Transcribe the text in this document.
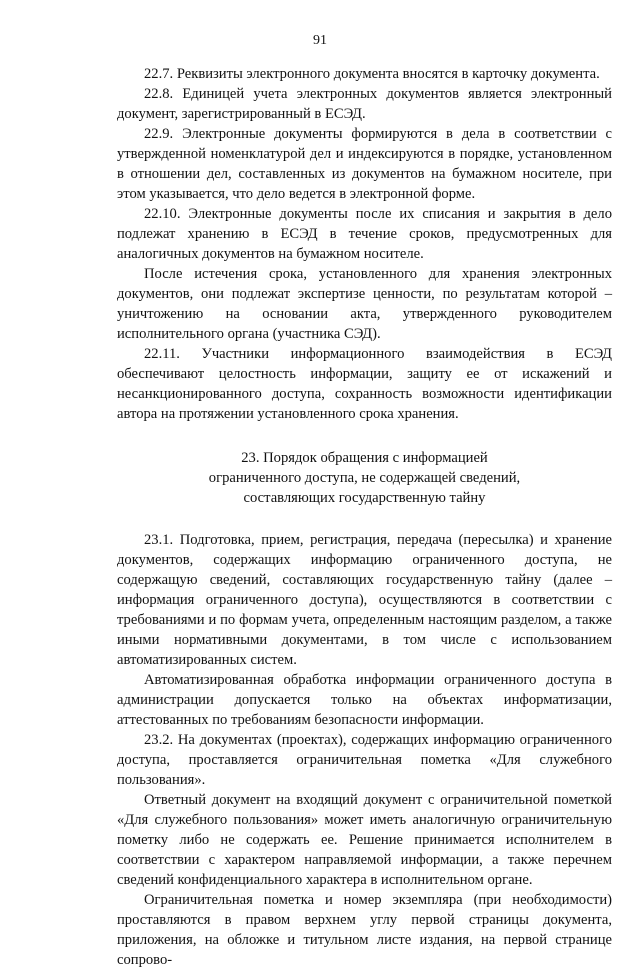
91

22.7. Реквизиты электронного документа вносятся в карточку документа.

22.8. Единицей учета электронных документов является электронный документ, зарегистрированный в ЕСЭД.

22.9. Электронные документы формируются в дела в соответствии с утвержденной номенклатурой дел и индексируются в порядке, установленном в отношении дел, составленных из документов на бумажном носителе, при этом указывается, что дело ведется в электронной форме.

22.10. Электронные документы после их списания и закрытия в дело подлежат хранению в ЕСЭД в течение сроков, предусмотренных для аналогичных документов на бумажном носителе.

После истечения срока, установленного для хранения электронных документов, они подлежат экспертизе ценности, по результатам которой – уничтожению на основании акта, утвержденного руководителем исполнительного органа (участника СЭД).

22.11. Участники информационного взаимодействия в ЕСЭД обеспечивают целостность информации, защиту ее от искажений и несанкционированного доступа, сохранность возможности идентификации автора на протяжении установленного срока хранения.

23. Порядок обращения с информацией
ограниченного доступа, не содержащей сведений,
составляющих государственную тайну

23.1. Подготовка, прием, регистрация, передача (пересылка) и хранение документов, содержащих информацию ограниченного доступа, не содержащую сведений, составляющих государственную тайну (далее – информация ограниченного доступа), осуществляются в соответствии с требованиями и по формам учета, определенным настоящим разделом, а также иными нормативными документами, в том числе с использованием автоматизированных систем.

Автоматизированная обработка информации ограниченного доступа в администрации допускается только на объектах информатизации, аттестованных по требованиям безопасности информации.

23.2. На документах (проектах), содержащих информацию ограниченного доступа, проставляется ограничительная пометка «Для служебного пользования».

Ответный документ на входящий документ с ограничительной пометкой «Для служебного пользования» может иметь аналогичную ограничительную пометку либо не содержать ее. Решение принимается исполнителем в соответствии с характером направляемой информации, а также перечнем сведений конфиденциального характера в исполнительном органе.

Ограничительная пометка и номер экземпляра (при необходимости) проставляются в правом верхнем углу первой страницы документа, приложения, на обложке и титульном листе издания, на первой странице сопрово-
